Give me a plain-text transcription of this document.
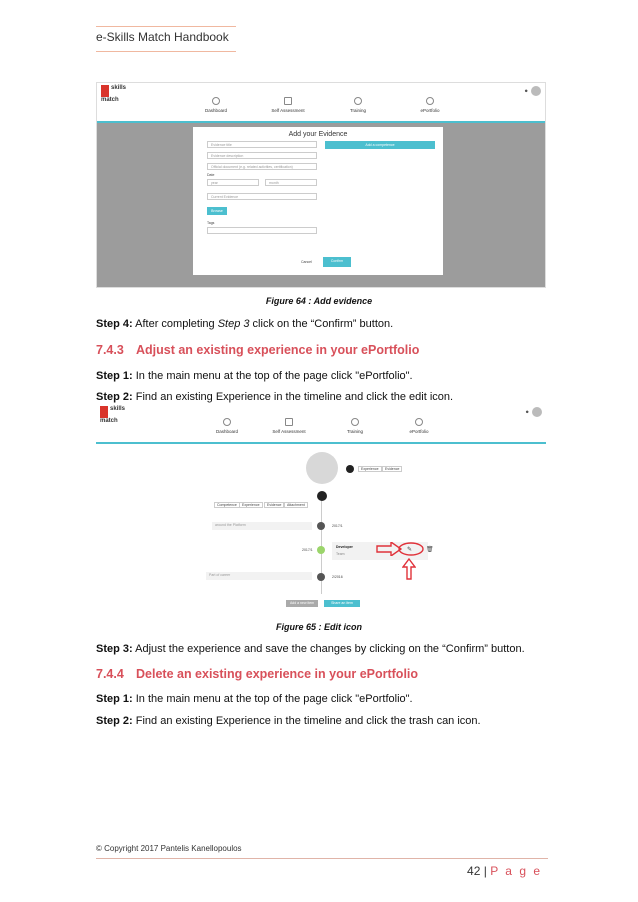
e-Skills Match Handbook
skills match
Dashboard	Self Assessment	Training	ePortfolio
●
Add your Evidence
Evidence title	Add a competence
Evidence description
Official document (e.g. related activities, certification)
Date
year	month
Current Evidence
Browse
Tags
Cancel	Confirm
Figure 64 : Add evidence
Step 4: After completing Step 3 click on the “Confirm” button.
7.4.3 Adjust an existing experience in your ePortfolio
Step 1: In the main menu at the top of the page click "ePortfolio".
Step 2: Find an existing Experience in the timeline and click the edit icon.
skills match
Dashboard	Self Assessment	Training	ePortfolio
●
Experience	Evidence
Competence	Experience	Evidence	Attachment
around the Platform	2017/1
2017/1
Developer
Team
✎ 🗑
Part of career	2/2016
Add a new item	Share an item
Figure 65 : Edit icon
Step 3: Adjust the experience and save the changes by clicking on the “Confirm” button.
7.4.4 Delete an existing experience in your ePortfolio
Step 1: In the main menu at the top of the page click "ePortfolio".
Step 2: Find an existing Experience in the timeline and click the trash can icon.
© Copyright 2017 Pantelis Kanellopoulos
42 | P a g e
